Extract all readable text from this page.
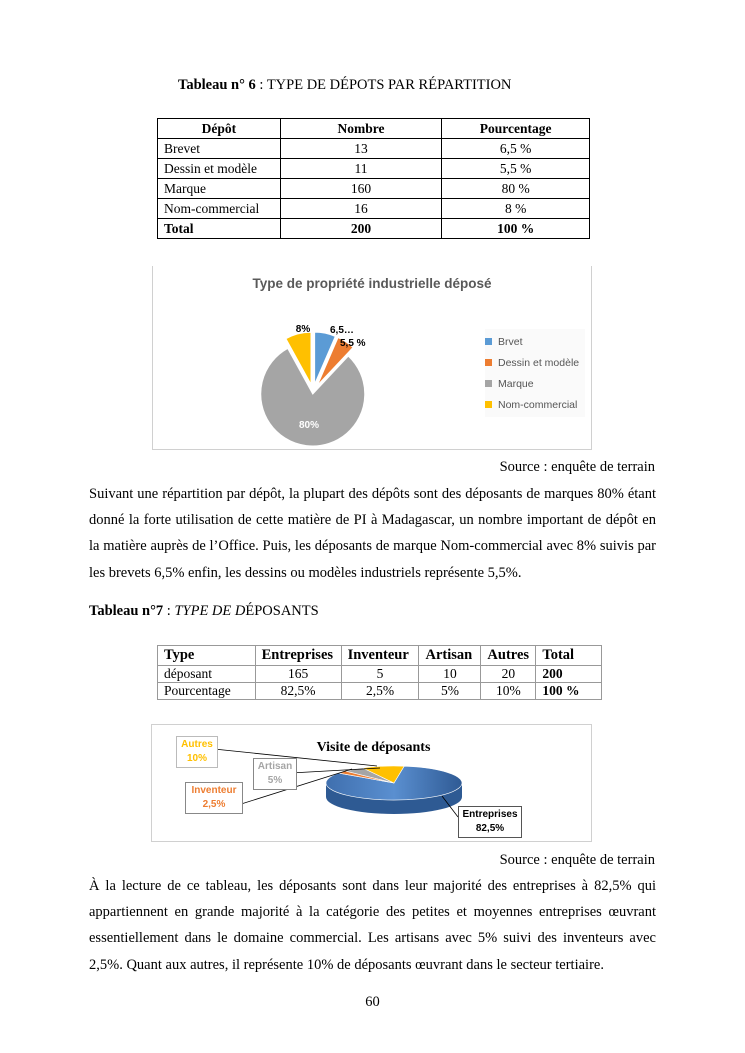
Tableau n° 6 : TYPE DE DÉPOTS PAR RÉPARTITION
Dépôt	Nombre	Pourcentage
Brevet	13	6,5 %
Dessin et modèle	11	5,5 %
Marque	160	80 %
Nom-commercial	16	8 %
Total	200	100 %
Type de propriété industrielle déposé
6,5…
5,5 %
80%
8%
Brvet
Dessin et modèle
Marque
Nom-commercial
Source : enquête de terrain
Suivant une répartition par dépôt, la plupart des dépôts sont des déposants de marques 80% étant donné la forte utilisation de cette matière de PI à Madagascar, un nombre important de dépôt en la matière auprès de l’Office. Puis, les déposants de marque Nom-commercial avec 8% suivis par les brevets 6,5% enfin, les dessins ou modèles industriels représente 5,5%.
Tableau n°7 : TYPE DE DÉPOSANTS
Type	Entreprises	Inventeur	Artisan	Autres	Total
déposant	165	5	10	20	200
Pourcentage	82,5%	2,5%	5%	10%	100 %
Visite de déposants
Autres
10%
Artisan
5%
Inventeur
2,5%
Entreprises
82,5%
Source : enquête de terrain
À la lecture de ce tableau, les déposants sont dans leur majorité des entreprises à 82,5% qui appartiennent en grande majorité à la catégorie des petites et moyennes entreprises œuvrant essentiellement dans le domaine commercial. Les artisans avec 5% suivi des inventeurs avec 2,5%. Quant aux autres, il représente 10% de déposants œuvrant dans le secteur tertiaire.
60
